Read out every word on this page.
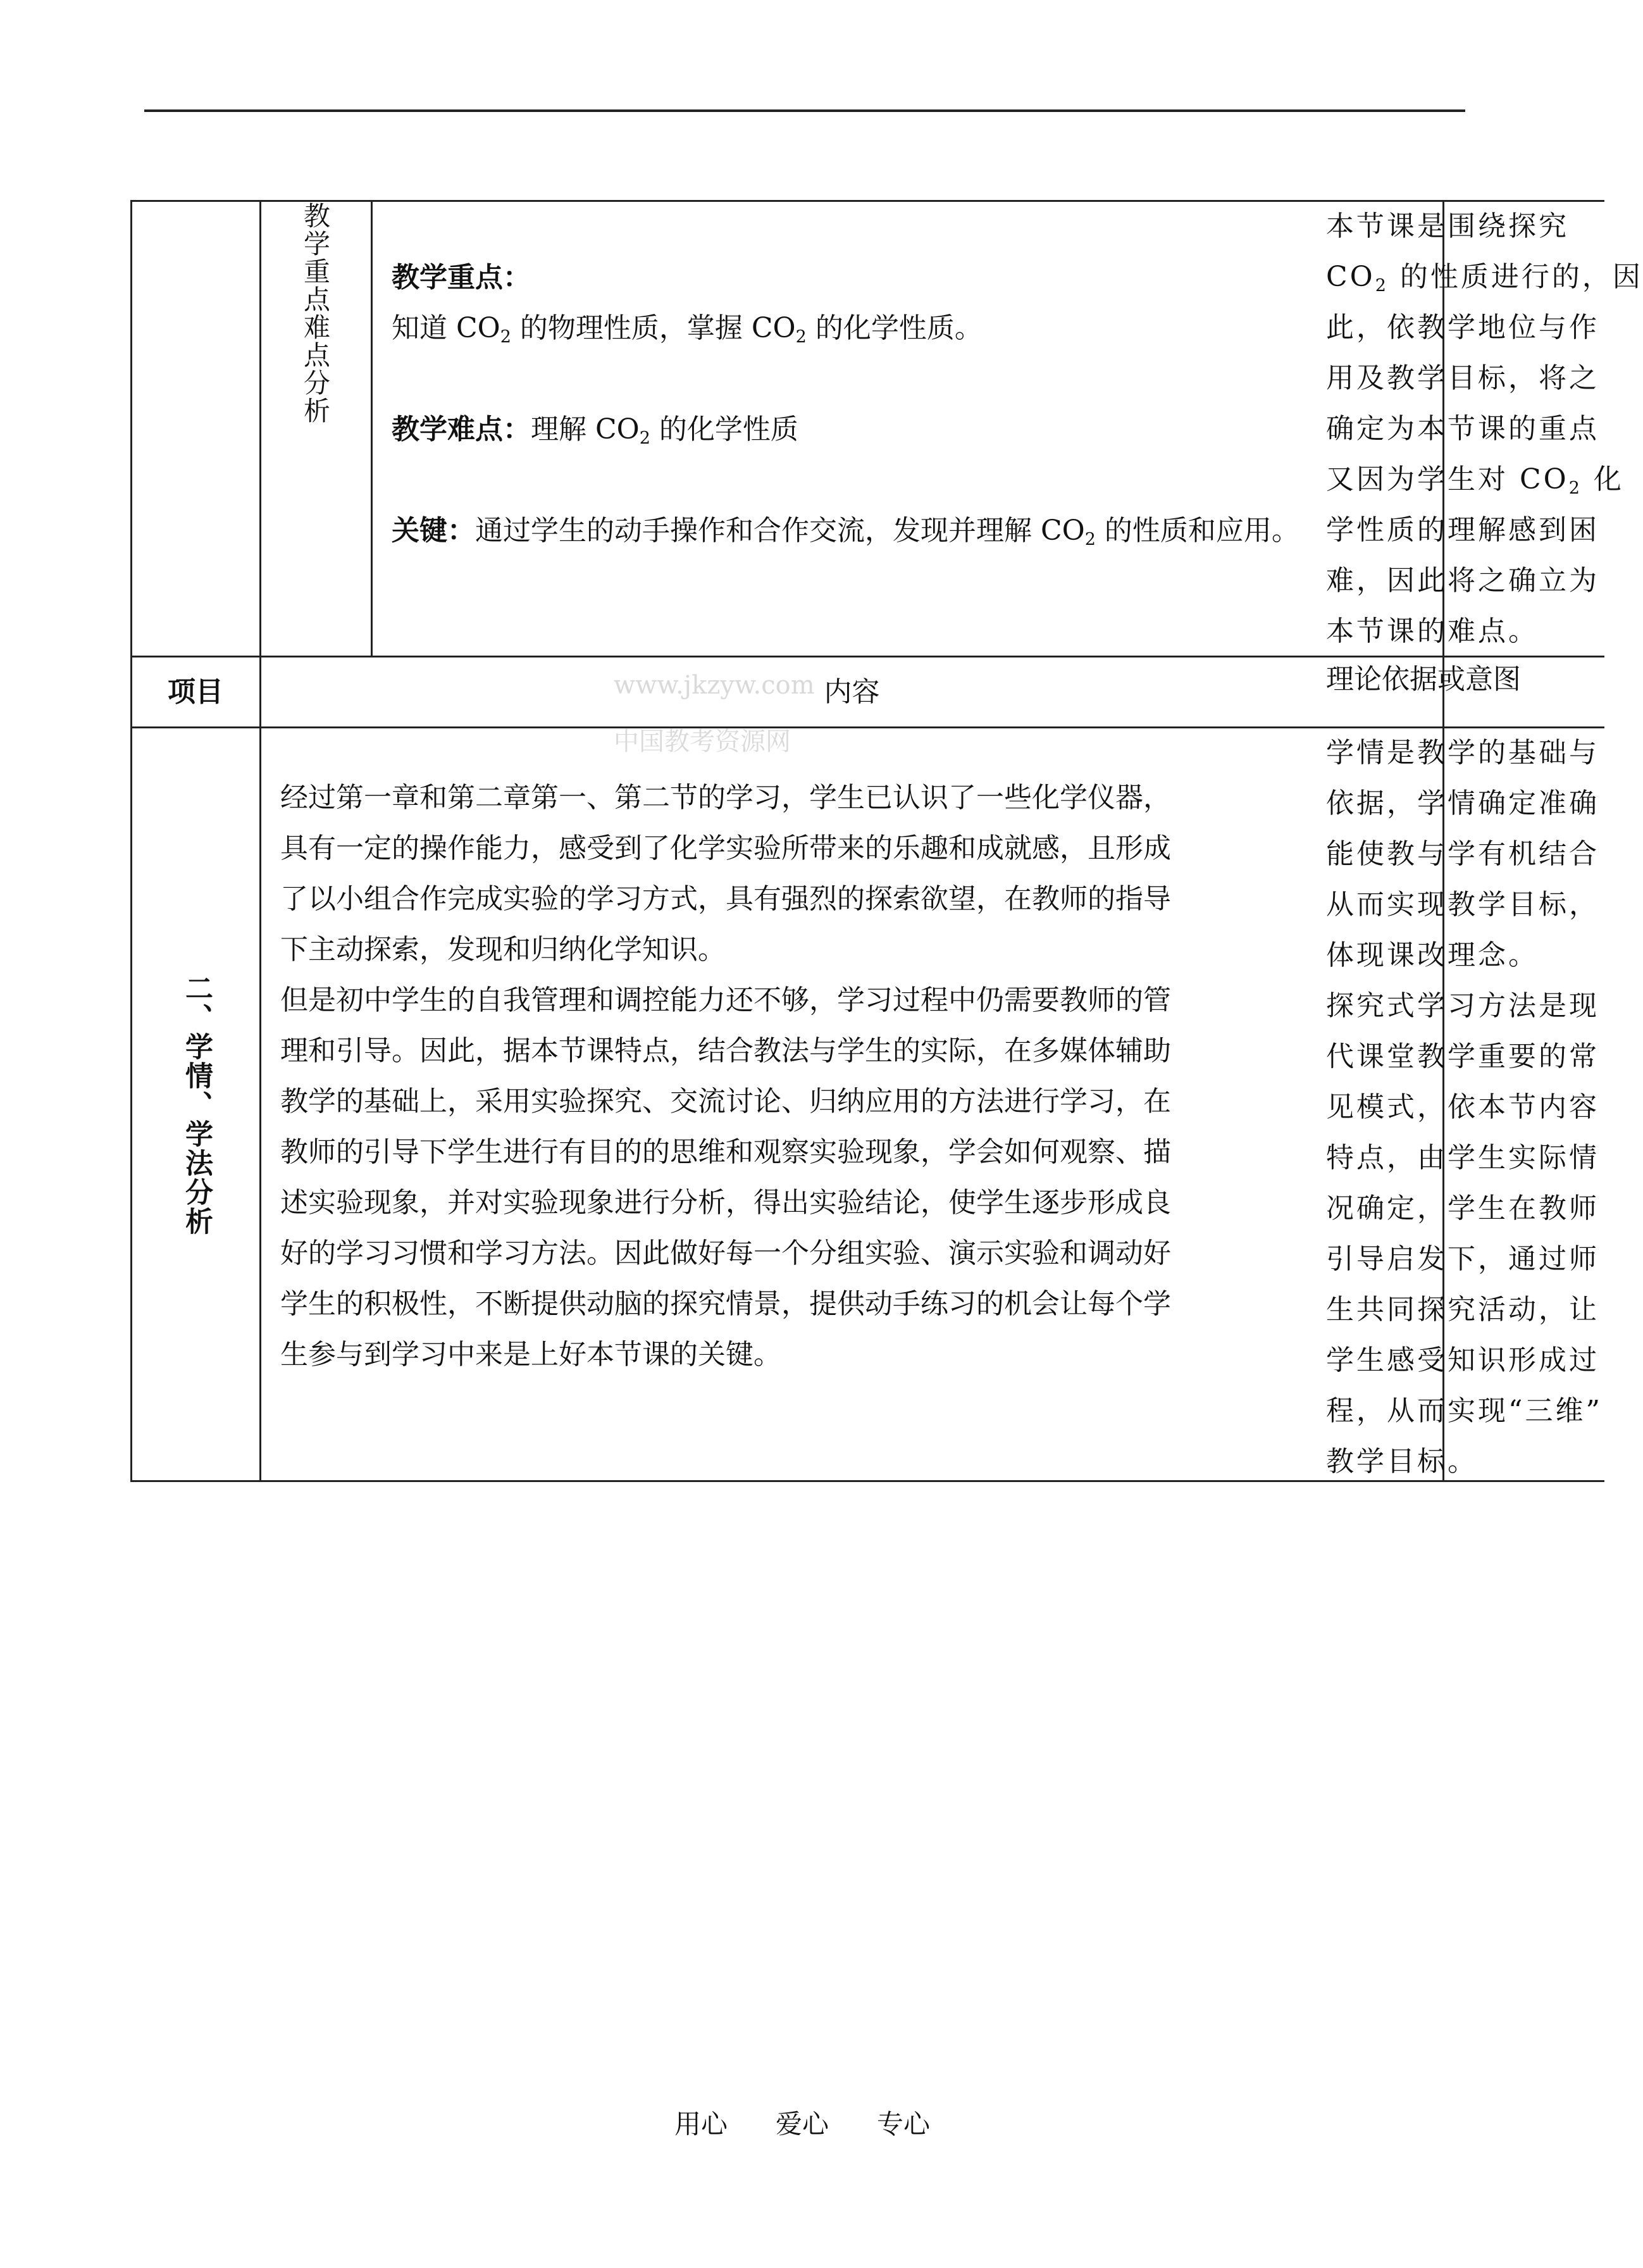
教学重点难点分析 教学重点：

知道 $CO_2$ 的物理性质，掌握 $CO_2$ 的化学性质。

教学难点：理解 $CO_2$ 的化学性质

关键：通过学生的动手操作和合作交流，发现并理解 $CO_2$ 的性质和应用。

项目	内容
二、学情、学法分析
经过第一章和第二章第一、第二节的学习，学生已认识了一些化学仪器，
具有一定的操作能力，感受到了化学实验所带来的乐趣和成就感，且形成
了以小组合作完成实验的学习方式，具有强烈的探索欲望，在教师的指导
下主动探索，发现和归纳化学知识。
但是初中学生的自我管理和调控能力还不够，学习过程中仍需要教师的管
理和引导。因此，据本节课特点，结合教法与学生的实际，在多媒体辅助
教学的基础上，采用实验探究、交流讨论、归纳应用的方法进行学习，在
教师的引导下学生进行有目的的思维和观察实验现象，学会如何观察、描
述实验现象，并对实验现象进行分析，得出实验结论，使学生逐步形成良
好的学习习惯和学习方法。因此做好每一个分组实验、演示实验和调动好
学生的积极性，不断提供动脑的探究情景，提供动手练习的机会让每个学
生参与到学习中来是上好本节课的关键。
本节课是围绕探究
$CO_2$ 的性质进行的，因
此，依教学地位与作
用及教学目标，将之
确定为本节课的重点
又因为学生对 $CO_2$ 化
学性质的理解感到困
难，因此将之确立为
本节课的难点。
学情是教学的基础与
依据，学情确定准确
能使教与学有机结合
从而实现教学目标，
体现课改理念。
探究式学习方法是现
代课堂教学重要的常
见模式，依本节内容
特点，由学生实际情
况确定，学生在教师
引导启发下，通过师
生共同探究活动，让
学生感受知识形成过
程，从而实现“三维”
教学目标。
理论依据或意图
www.jkzyw.com
中国教考资源网
用心 爱心 专心
